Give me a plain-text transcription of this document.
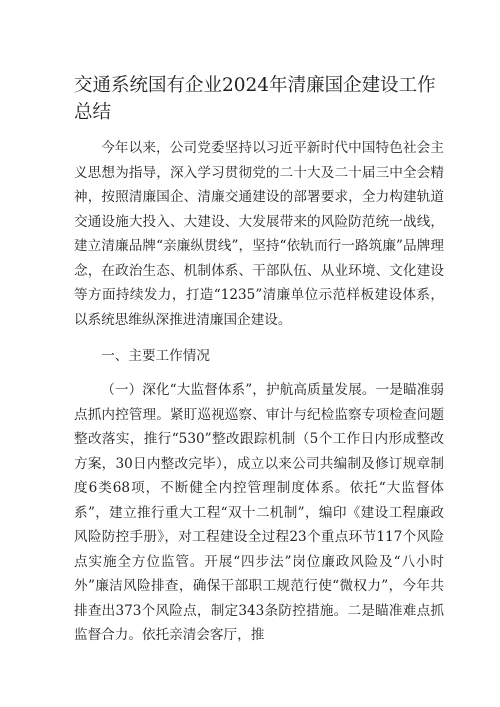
交通系统国有企业2024年清廉国企建设工作总结

今年以来，公司党委坚持以习近平新时代中国特色社会主义思想为指导，深入学习贯彻党的二十大及二十届三中全会精神，按照清廉国企、清廉交通建设的部署要求，全力构建轨道交通设施大投入、大建设、大发展带来的风险防范统一战线，建立清廉品牌“亲廉纵贯线”，坚持“依轨而行一路筑廉”品牌理念，在政治生态、机制体系、干部队伍、从业环境、文化建设等方面持续发力，打造“1235”清廉单位示范样板建设体系，以系统思维纵深推进清廉国企建设。

一、主要工作情况

（一）深化“大监督体系”，护航高质量发展。一是瞄准弱点抓内控管理。紧盯巡视巡察、审计与纪检监察专项检查问题整改落实，推行“530”整改跟踪机制（5个工作日内形成整改方案，30日内整改完毕），成立以来公司共编制及修订规章制度6类68项，不断健全内控管理制度体系。依托“大监督体系”，建立推行重大工程“双十二机制”，编印《建设工程廉政风险防控手册》，对工程建设全过程23个重点环节117个风险点实施全方位监管。开展“四步法”岗位廉政风险及“八小时外”廉洁风险排查，确保干部职工规范行使“微权力”，今年共排查出373个风险点，制定343条防控措施。二是瞄准难点抓监督合力。依托亲清会客厅，推
